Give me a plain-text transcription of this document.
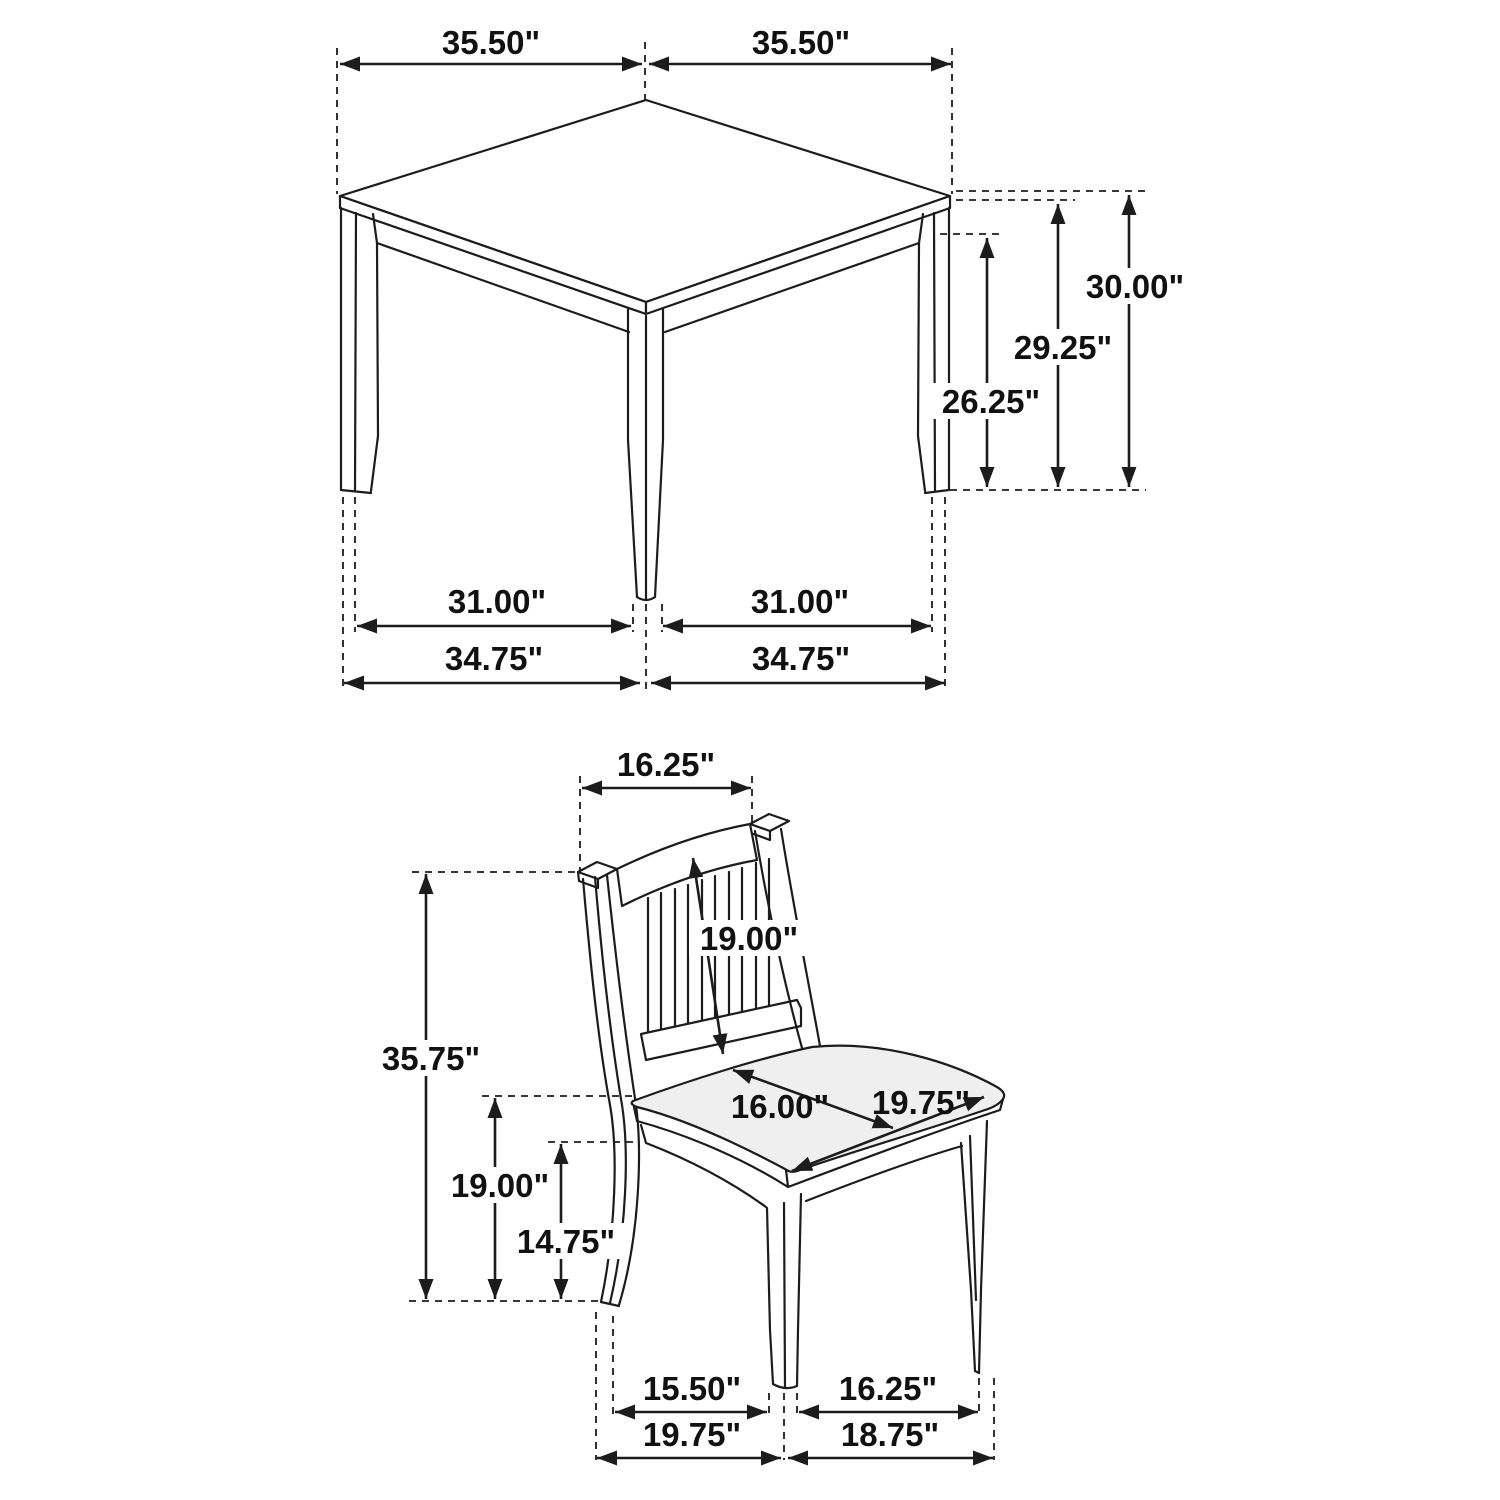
35.50"	35.50"
26.25"
29.25"
30.00"
31.00"	31.00"
34.75"	34.75"
16.25"
35.75"
19.00"
14.75"
19.00"
16.00" 19.75"
15.50"	16.25"
19.75"	18.75"
